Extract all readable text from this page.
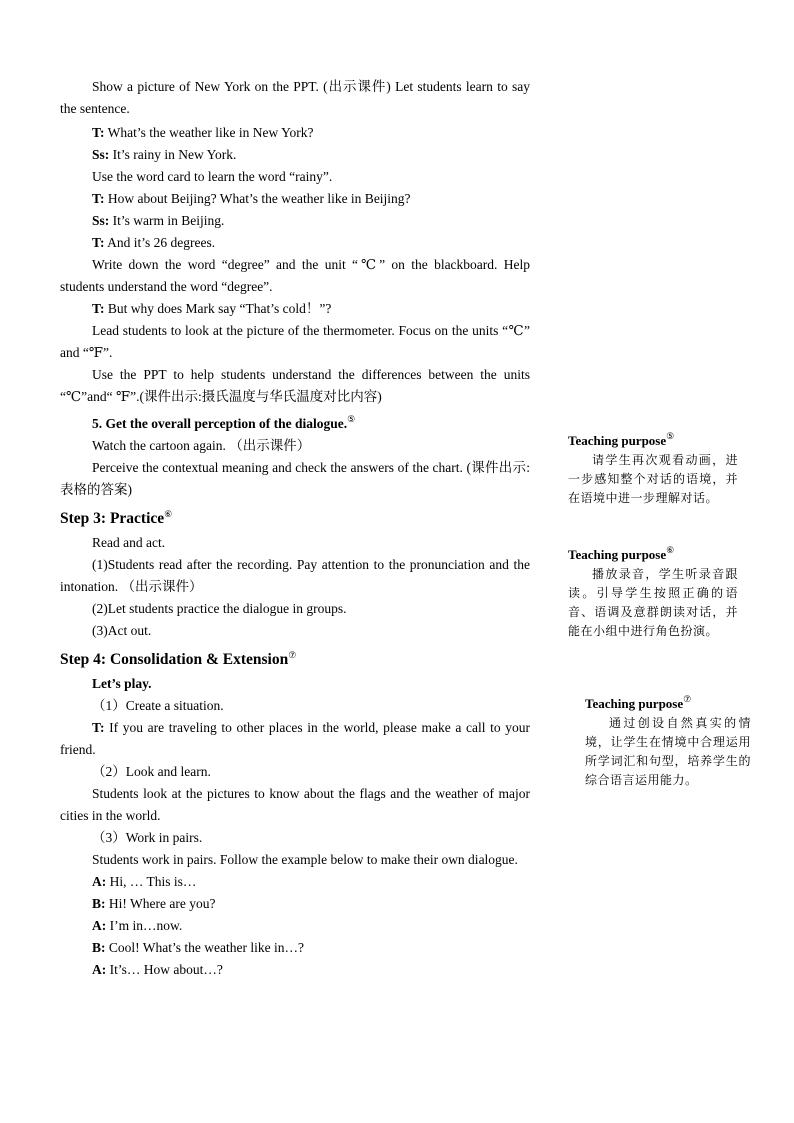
Show a picture of New York on the PPT. (出示课件) Let students learn to say the sentence.

T: What’s the weather like in New York?

Ss: It’s rainy in New York.

Use the word card to learn the word “rainy”.

T: How about Beijing? What’s the weather like in Beijing?

Ss: It’s warm in Beijing.

T: And it’s 26 degrees.

Write down the word “degree” and the unit “℃” on the blackboard. Help students understand the word “degree”.

T: But why does Mark say “That’s cold！”?

Lead students to look at the picture of the thermometer. Focus on the units “℃” and “℉”.

Use the PPT to help students understand the differences between the units “℃”and“ ℉”.(课件出示:摄氏温度与华氏温度对比内容)

5. Get the overall perception of the dialogue.⑤

Watch the cartoon again. （出示课件）

Perceive the contextual meaning and check the answers of the chart. (课件出示:表格的答案)

Step 3: Practice⑥

Read and act.

(1)Students read after the recording. Pay attention to the pronunciation and the intonation. （出示课件）

(2)Let students practice the dialogue in groups.

(3)Act out.

Step 4: Consolidation & Extension⑦

Let’s play.

（1）Create a situation.

T: If you are traveling to other places in the world, please make a call to your friend.

（2）Look and learn.

Students look at the pictures to know about the flags and the weather of major cities in the world.

（3）Work in pairs.

Students work in pairs. Follow the example below to make their own dialogue.

A: Hi, … This is…

B: Hi! Where are you?

A: I’m in…now.

B: Cool! What’s the weather like in…?

A: It’s… How about…?

Teaching purpose⑤

请学生再次观看动画，进一步感知整个对话的语境，并在语境中进一步理解对话。

Teaching purpose⑥

播放录音，学生听录音跟读。引导学生按照正确的语音、语调及意群朗读对话，并能在小组中进行角色扮演。

Teaching purpose⑦

通过创设自然真实的情境，让学生在情境中合理运用所学词汇和句型，培养学生的综合语言运用能力。
